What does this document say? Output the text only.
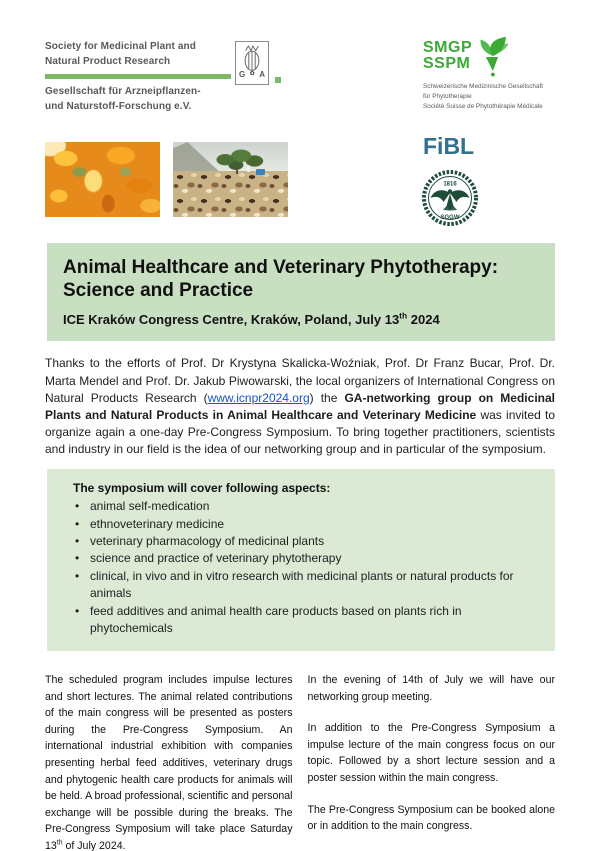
Society for Medicinal Plant and
Natural Product Research
Gesellschaft für Arzneipflanzen-
und Naturstoff-Forschung e.V.
G ✿ A
SMGP
SSPM
Schweizerische Medizinische Gesellschaft
für Phytotherapie
Société Suisse de Phytothérapie Médicale
FiBL
1816
SGGW
Animal Healthcare and Veterinary Phytotherapy: Science and Practice
ICE Kraków Congress Centre, Kraków, Poland, July 13th 2024

Thanks to the efforts of Prof. Dr Krystyna Skalicka-Woźniak, Prof. Dr Franz Bucar, Prof. Dr. Marta Mendel and Prof. Dr. Jakub Piwowarski, the local organizers of International Congress on Natural Products Research (www.icnpr2024.org) the GA-networking group on Medicinal Plants and Natural Products in Animal Healthcare and Veterinary Medicine was invited to organize again a one-day Pre-Congress Symposium. To bring together practitioners, scientists and industry in our field is the idea of our networking group and in particular of the symposium.

The symposium will cover following aspects:
• animal self-medication
• ethnoveterinary medicine
• veterinary pharmacology of medicinal plants
• science and practice of veterinary phytotherapy
• clinical, in vivo and in vitro research with medicinal plants or natural products for animals
• feed additives and animal health care products based on plants rich in phytochemicals

The scheduled program includes impulse lectures and short lectures. The animal related contributions of the main congress will be presented as posters during the Pre-Congress Symposium. An international industrial exhibition with companies presenting herbal feed additives, veterinary drugs and phytogenic health care products for animals will be held. A broad professional, scientific and personal exchange will be possible during the breaks. The Pre-Congress Symposium will take place Saturday 13th of July 2024.

In the evening of 14th of July we will have our networking group meeting.

In addition to the Pre-Congress Symposium a impulse lecture of the main congress focus on our topic. Followed by a short lecture session and a poster session within the main congress.

The Pre-Congress Symposium can be booked alone or in addition to the main congress.
